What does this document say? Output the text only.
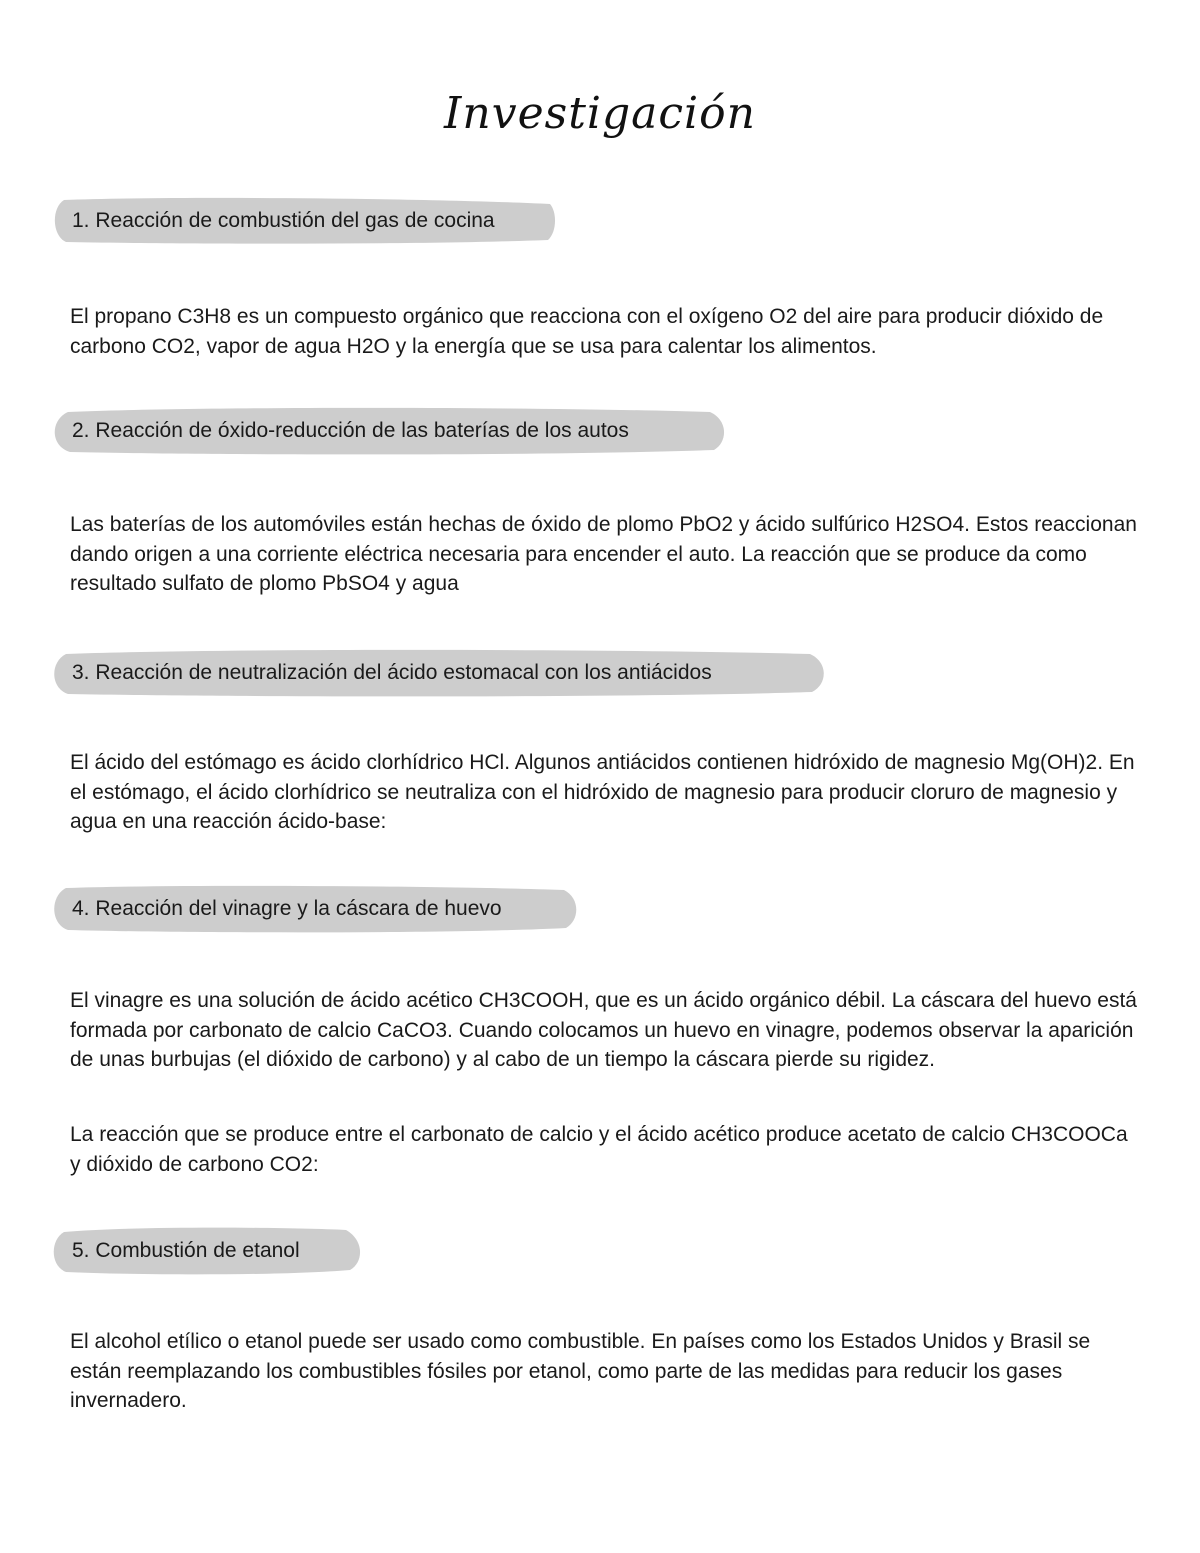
Investigación
1. Reacción de combustión del gas de cocina

El propano C3H8 es un compuesto orgánico que reacciona con el oxígeno O2 del aire para producir dióxido de carbono CO2, vapor de agua H2O y la energía que se usa para calentar los alimentos.

2. Reacción de óxido-reducción de las baterías de los autos

Las baterías de los automóviles están hechas de óxido de plomo PbO2 y ácido sulfúrico H2SO4. Estos reaccionan dando origen a una corriente eléctrica necesaria para encender el auto. La reacción que se produce da como resultado sulfato de plomo PbSO4 y agua

3. Reacción de neutralización del ácido estomacal con los antiácidos

El ácido del estómago es ácido clorhídrico HCl. Algunos antiácidos contienen hidróxido de magnesio Mg(OH)2. En el estómago, el ácido clorhídrico se neutraliza con el hidróxido de magnesio para producir cloruro de magnesio y agua en una reacción ácido-base:

4. Reacción del vinagre y la cáscara de huevo

El vinagre es una solución de ácido acético CH3COOH, que es un ácido orgánico débil. La cáscara del huevo está formada por carbonato de calcio CaCO3. Cuando colocamos un huevo en vinagre, podemos observar la aparición de unas burbujas (el dióxido de carbono) y al cabo de un tiempo la cáscara pierde su rigidez.

La reacción que se produce entre el carbonato de calcio y el ácido acético produce acetato de calcio CH3COOCa y dióxido de carbono CO2:

5. Combustión de etanol

El alcohol etílico o etanol puede ser usado como combustible. En países como los Estados Unidos y Brasil se están reemplazando los combustibles fósiles por etanol, como parte de las medidas para reducir los gases invernadero.
